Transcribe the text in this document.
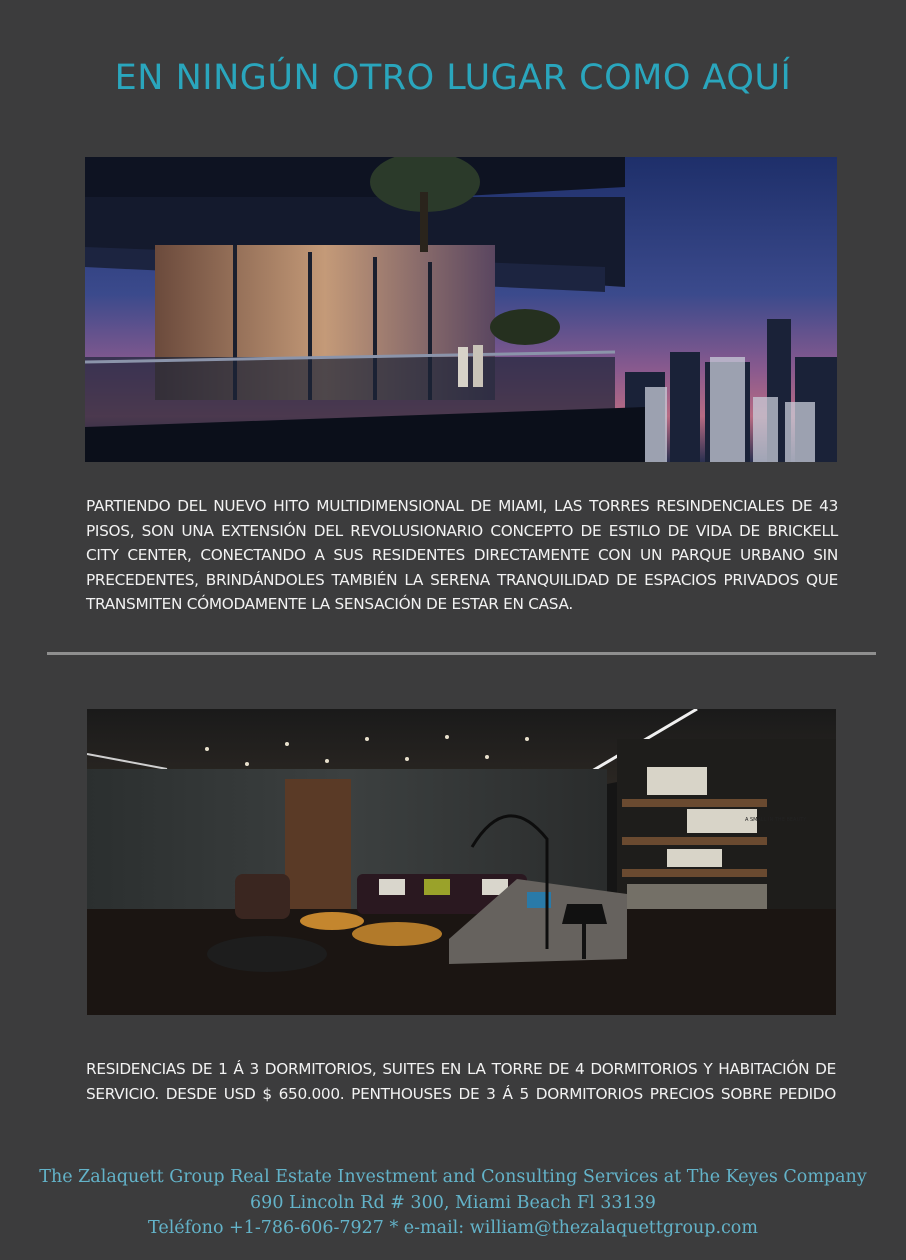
EN NINGÚN OTRO LUGAR COMO AQUÍ
PARTIENDO DEL NUEVO HITO MULTIDIMENSIONAL DE MIAMI, LAS TORRES RESINDENCIALES DE 43 PISOS, SON UNA EXTENSIÓN DEL REVOLUSIONARIO CONCEPTO DE ESTILO DE VIDA DE BRICKELL CITY CENTER, CONECTANDO A SUS RESIDENTES DIRECTAMENTE CON UN PARQUE URBANO SIN PRECEDENTES, BRINDÁNDOLES TAMBIÉN LA SERENA TRANQUILIDAD DE ESPACIOS PRIVADOS QUE TRANSMITEN CÓMODAMENTE LA SENSACIÓN DE ESTAR EN CASA.
A SMALL IN THE BEAUTY
RESIDENCIAS DE 1 Á 3 DORMITORIOS, SUITES EN LA TORRE DE 4 DORMITORIOS Y HABITACIÓN DE SERVICIO. DESDE USD $ 650.000. PENTHOUSES DE 3 Á 5 DORMITORIOS PRECIOS SOBRE PEDIDO
The Zalaquett Group Real Estate Investment and Consulting Services at The Keyes Company
690 Lincoln Rd # 300, Miami Beach Fl 33139
Teléfono +1-786-606-7927 * e-mail: william@thezalaquettgroup.com
